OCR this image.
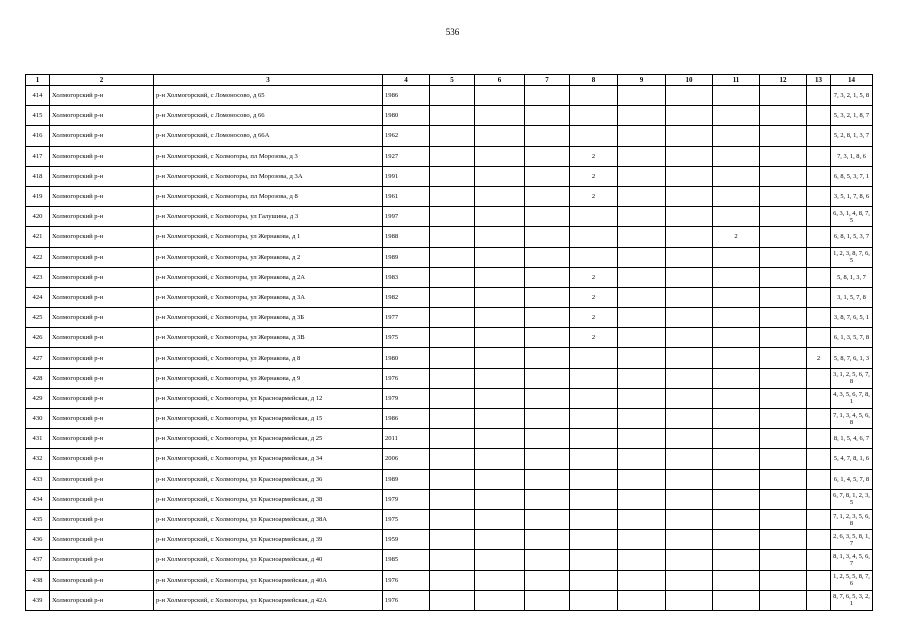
536
1	2	3	4	5	6	7	8	9	10	11	12	13	14
414	Холмогорский р-н	р-н Холмогорский, с Ломоносово, д 65	1986										7, 3, 2, 1, 5, 8
415	Холмогорский р-н	р-н Холмогорский, с Ломоносово, д 66	1980										5, 3, 2, 1, 8, 7
416	Холмогорский р-н	р-н Холмогорский, с Ломоносово, д 66А	1962										5, 2, 8, 1, 3, 7
417	Холмогорский р-н	р-н Холмогорский, с Холмогоры, пл Морозова, д 3	1927				2						7, 3, 1, 8, 6
418	Холмогорский р-н	р-н Холмогорский, с Холмогоры, пл Морозова, д 3А	1991				2						6, 8, 5, 3, 7, 1
419	Холмогорский р-н	р-н Холмогорский, с Холмогоры, пл Морозова, д 8	1961				2						3, 5, 1, 7, 8, 6
420	Холмогорский р-н	р-н Холмогорский, с Холмогоры, ул Галушина, д 3	1997										6, 3, 1, 4, 8, 7, 5
421	Холмогорский р-н	р-н Холмогорский, с Холмогоры, ул Жернакова, д 1	1988							2			6, 8, 1, 5, 3, 7
422	Холмогорский р-н	р-н Холмогорский, с Холмогоры, ул Жернакова, д 2	1989										1, 2, 3, 8, 7, 6, 5
423	Холмогорский р-н	р-н Холмогорский, с Холмогоры, ул Жернакова, д 2А	1983				2						5, 8, 1, 3, 7
424	Холмогорский р-н	р-н Холмогорский, с Холмогоры, ул Жернакова, д 3А	1982				2						3, 1, 5, 7, 8
425	Холмогорский р-н	р-н Холмогорский, с Холмогоры, ул Жернакова, д 3Б	1977				2						3, 8, 7, 6, 5, 1
426	Холмогорский р-н	р-н Холмогорский, с Холмогоры, ул Жернакова, д 3В	1975				2						6, 1, 3, 5, 7, 8
427	Холмогорский р-н	р-н Холмогорский, с Холмогоры, ул Жернакова, д 8	1980									2	5, 8, 7, 6, 1, 3
428	Холмогорский р-н	р-н Холмогорский, с Холмогоры, ул Жернакова, д 9	1976										3, 1, 2, 5, 6, 7, 8
429	Холмогорский р-н	р-н Холмогорский, с Холмогоры, ул Красноармейская, д 12	1979										4, 3, 5, 6, 7, 8, 1
430	Холмогорский р-н	р-н Холмогорский, с Холмогоры, ул Красноармейская, д 15	1986										7, 1, 3, 4, 5, 6, 8
431	Холмогорский р-н	р-н Холмогорский, с Холмогоры, ул Красноармейская, д 25	2011										8, 1, 5, 4, 6, 7
432	Холмогорский р-н	р-н Холмогорский, с Холмогоры, ул Красноармейская, д 34	2006										5, 4, 7, 8, 1, 6
433	Холмогорский р-н	р-н Холмогорский, с Холмогоры, ул Красноармейская, д 36	1989										6, 1, 4, 5, 7, 8
434	Холмогорский р-н	р-н Холмогорский, с Холмогоры, ул Красноармейская, д 38	1979										6, 7, 8, 1, 2, 3, 5
435	Холмогорский р-н	р-н Холмогорский, с Холмогоры, ул Красноармейская, д 38А	1975										7, 1, 2, 3, 5, 6, 8
436	Холмогорский р-н	р-н Холмогорский, с Холмогоры, ул Красноармейская, д 39	1959										2, 6, 3, 5, 8, 1, 7
437	Холмогорский р-н	р-н Холмогорский, с Холмогоры, ул Красноармейская, д 40	1985										8, 1, 3, 4, 5, 6, 7
438	Холмогорский р-н	р-н Холмогорский, с Холмогоры, ул Красноармейская, д 40А	1976										1, 2, 5, 5, 8, 7, 6
439	Холмогорский р-н	р-н Холмогорский, с Холмогоры, ул Красноармейская, д 42А	1976										8, 7, 6, 5, 3, 2, 1
